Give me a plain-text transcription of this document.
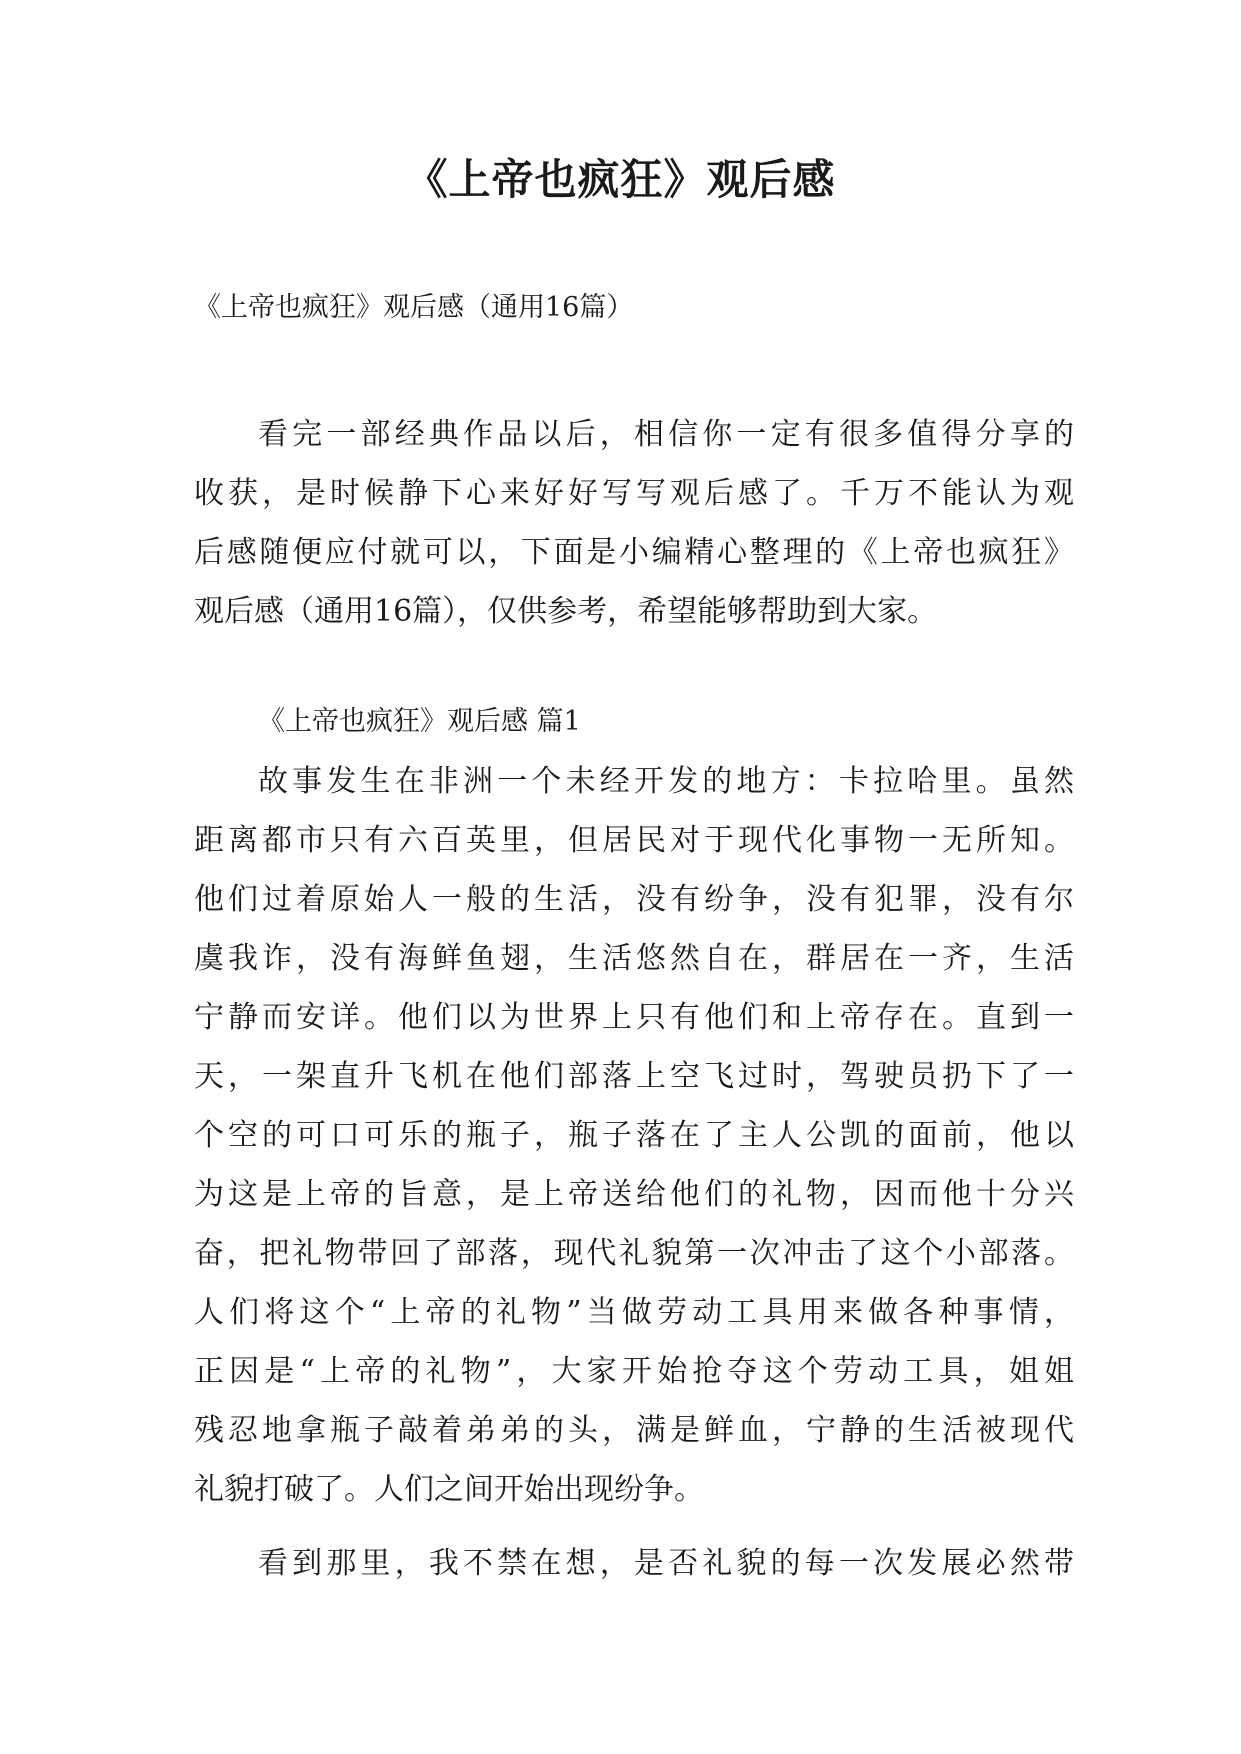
《上帝也疯狂》观后感
《上帝也疯狂》观后感（通用16篇）
看完一部经典作品以后，相信你一定有很多值得分享的
收获，是时候静下心来好好写写观后感了。千万不能认为观
后感随便应付就可以，下面是小编精心整理的《上帝也疯狂》
观后感（通用16篇），仅供参考，希望能够帮助到大家。
《上帝也疯狂》观后感 篇1
故事发生在非洲一个未经开发的地方：卡拉哈里。虽然
距离都市只有六百英里，但居民对于现代化事物一无所知。
他们过着原始人一般的生活，没有纷争，没有犯罪，没有尔
虞我诈，没有海鲜鱼翅，生活悠然自在，群居在一齐，生活
宁静而安详。他们以为世界上只有他们和上帝存在。直到一
天，一架直升飞机在他们部落上空飞过时，驾驶员扔下了一
个空的可口可乐的瓶子，瓶子落在了主人公凯的面前，他以
为这是上帝的旨意，是上帝送给他们的礼物，因而他十分兴
奋，把礼物带回了部落，现代礼貌第一次冲击了这个小部落。
人们将这个“上帝的礼物”当做劳动工具用来做各种事情，
正因是“上帝的礼物”，大家开始抢夺这个劳动工具，姐姐
残忍地拿瓶子敲着弟弟的头，满是鲜血，宁静的生活被现代
礼貌打破了。人们之间开始出现纷争。
看到那里，我不禁在想，是否礼貌的每一次发展必然带
